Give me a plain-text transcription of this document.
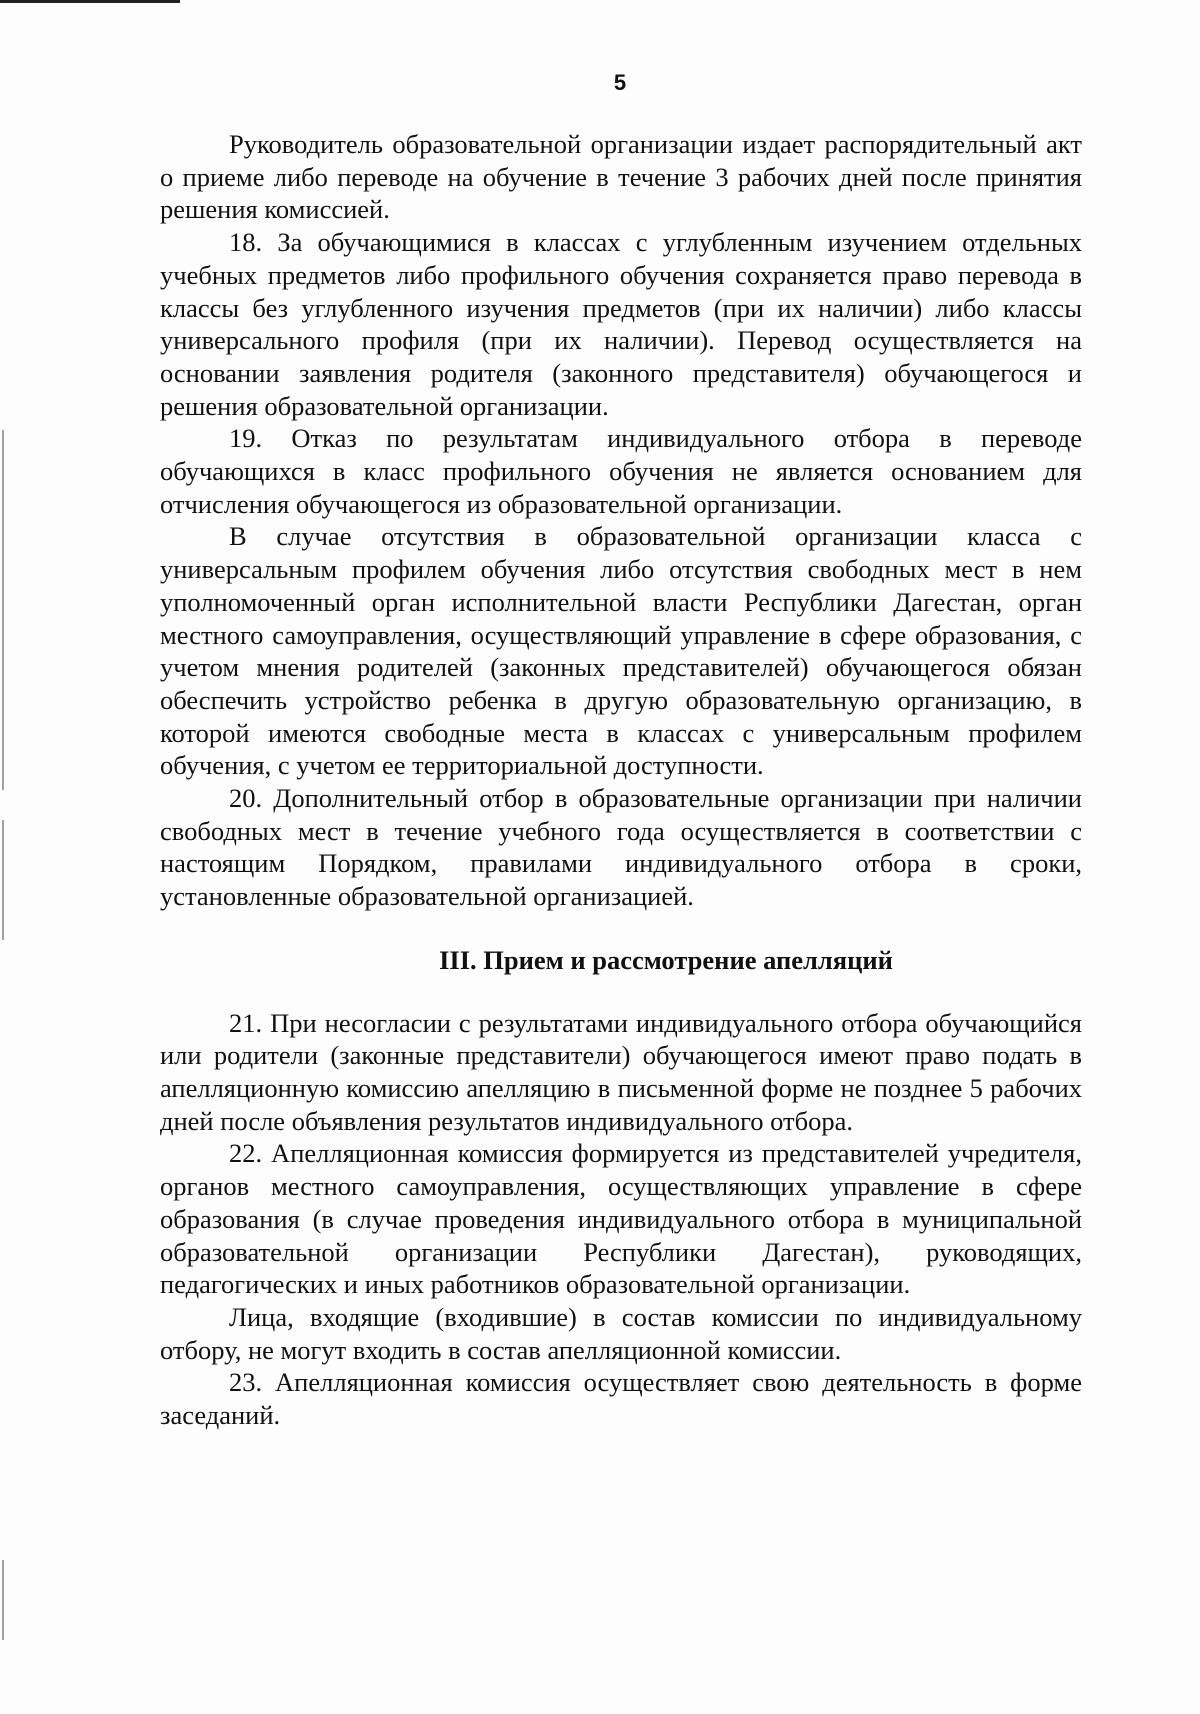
5

Руководитель образовательной организации издает распорядительный акт о приеме либо переводе на обучение в течение 3 рабочих дней после принятия решения комиссией.

18. За обучающимися в классах с углубленным изучением отдельных учебных предметов либо профильного обучения сохраняется право перевода в классы без углубленного изучения предметов (при их наличии) либо классы универсального профиля (при их наличии). Перевод осуществляется на основании заявления родителя (законного представителя) обучающегося и решения образовательной организации.

19. Отказ по результатам индивидуального отбора в переводе обучающихся в класс профильного обучения не является основанием для отчисления обучающегося из образовательной организации.

В случае отсутствия в образовательной организации класса с универсальным профилем обучения либо отсутствия свободных мест в нем уполномоченный орган исполнительной власти Республики Дагестан, орган местного самоуправления, осуществляющий управление в сфере образования, с учетом мнения родителей (законных представителей) обучающегося обязан обеспечить устройство ребенка в другую образовательную организацию, в которой имеются свободные места в классах с универсальным профилем обучения, с учетом ее территориальной доступности.

20. Дополнительный отбор в образовательные организации при наличии свободных мест в течение учебного года осуществляется в соответствии с настоящим Порядком, правилами индивидуального отбора в сроки, установленные образовательной организацией.

III. Прием и рассмотрение апелляций

21. При несогласии с результатами индивидуального отбора обучающийся или родители (законные представители) обучающегося имеют право подать в апелляционную комиссию апелляцию в письменной форме не позднее 5 рабочих дней после объявления результатов индивидуального отбора.

22. Апелляционная комиссия формируется из представителей учредителя, органов местного самоуправления, осуществляющих управление в сфере образования (в случае проведения индивидуального отбора в муниципальной образовательной организации Республики Дагестан), руководящих, педагогических и иных работников образовательной организации.

Лица, входящие (входившие) в состав комиссии по индивидуальному отбору, не могут входить в состав апелляционной комиссии.

23. Апелляционная комиссия осуществляет свою деятельность в форме заседаний.
